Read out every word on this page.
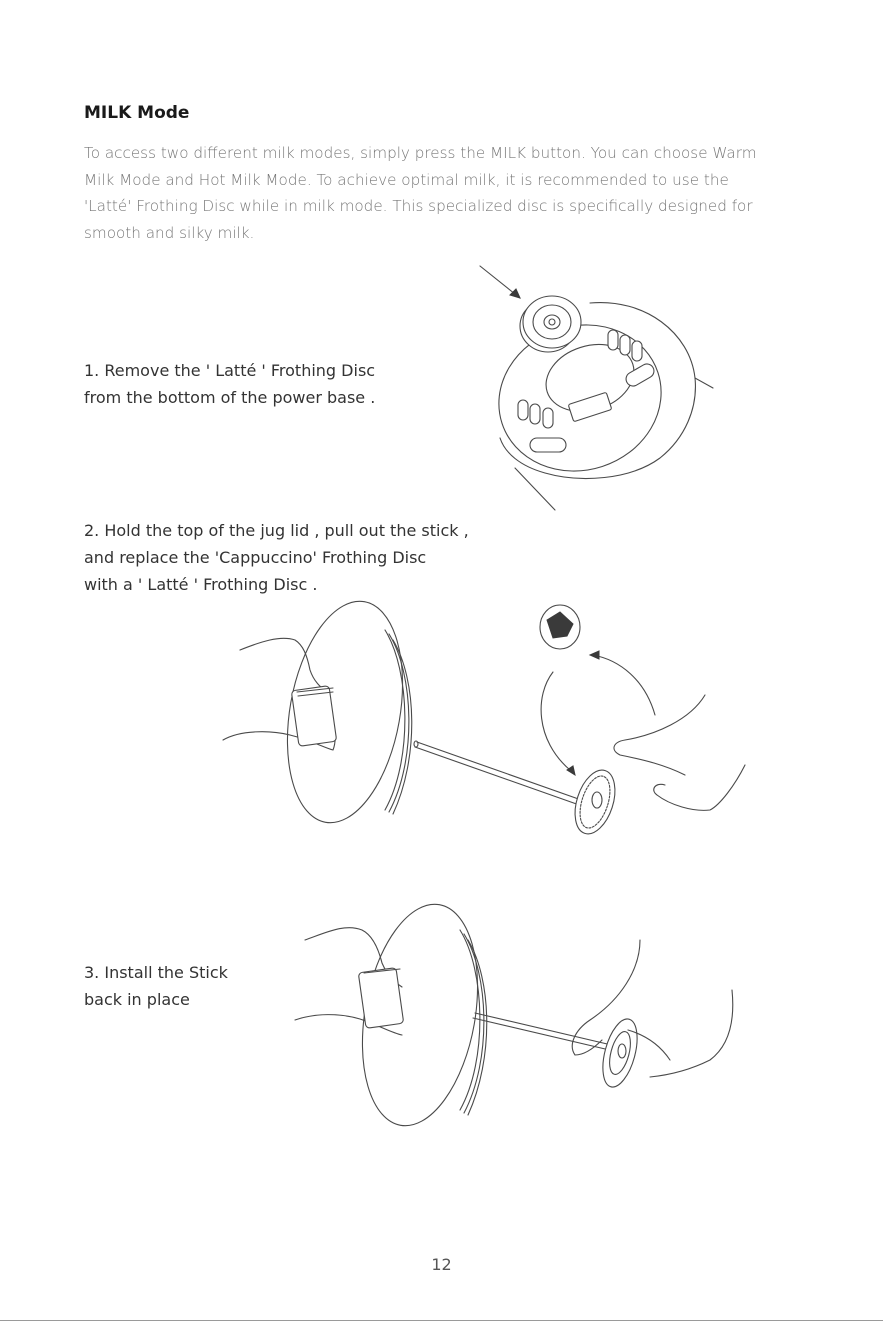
MILK Mode
To access two different milk modes, simply press the MILK button. You can choose Warm
Milk Mode and Hot Milk Mode. To achieve optimal milk, it is recommended to use the
'Latté' Frothing Disc while in milk mode. This specialized disc is specifically designed for
smooth and silky milk.
1. Remove the ' Latté ' Frothing Disc
from the bottom of the power base .
2. Hold the top of the jug lid , pull out the stick ,
and replace the 'Cappuccino' Frothing Disc
with a ' Latté ' Frothing Disc .
3. Install the Stick
back in place
12
